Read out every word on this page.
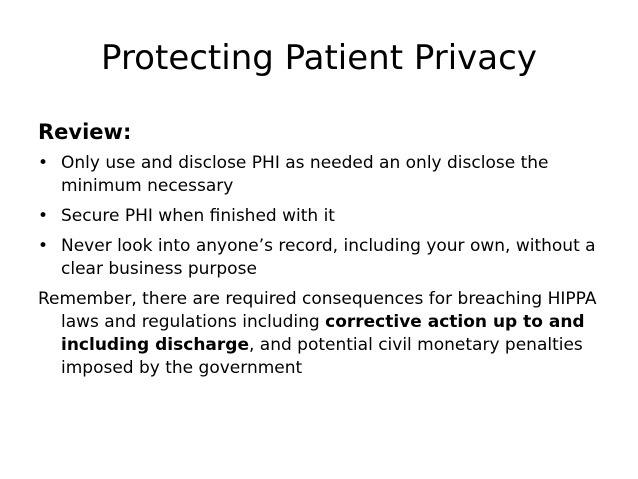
Protecting Patient Privacy
Review:
• Only use and disclose PHI as needed an only disclose the minimum necessary
• Secure PHI when finished with it
• Never look into anyone’s record, including your own, without a clear business purpose

Remember, there are required consequences for breaching HIPPA laws and regulations including corrective action up to and including discharge, and potential civil monetary penalties imposed by the government
